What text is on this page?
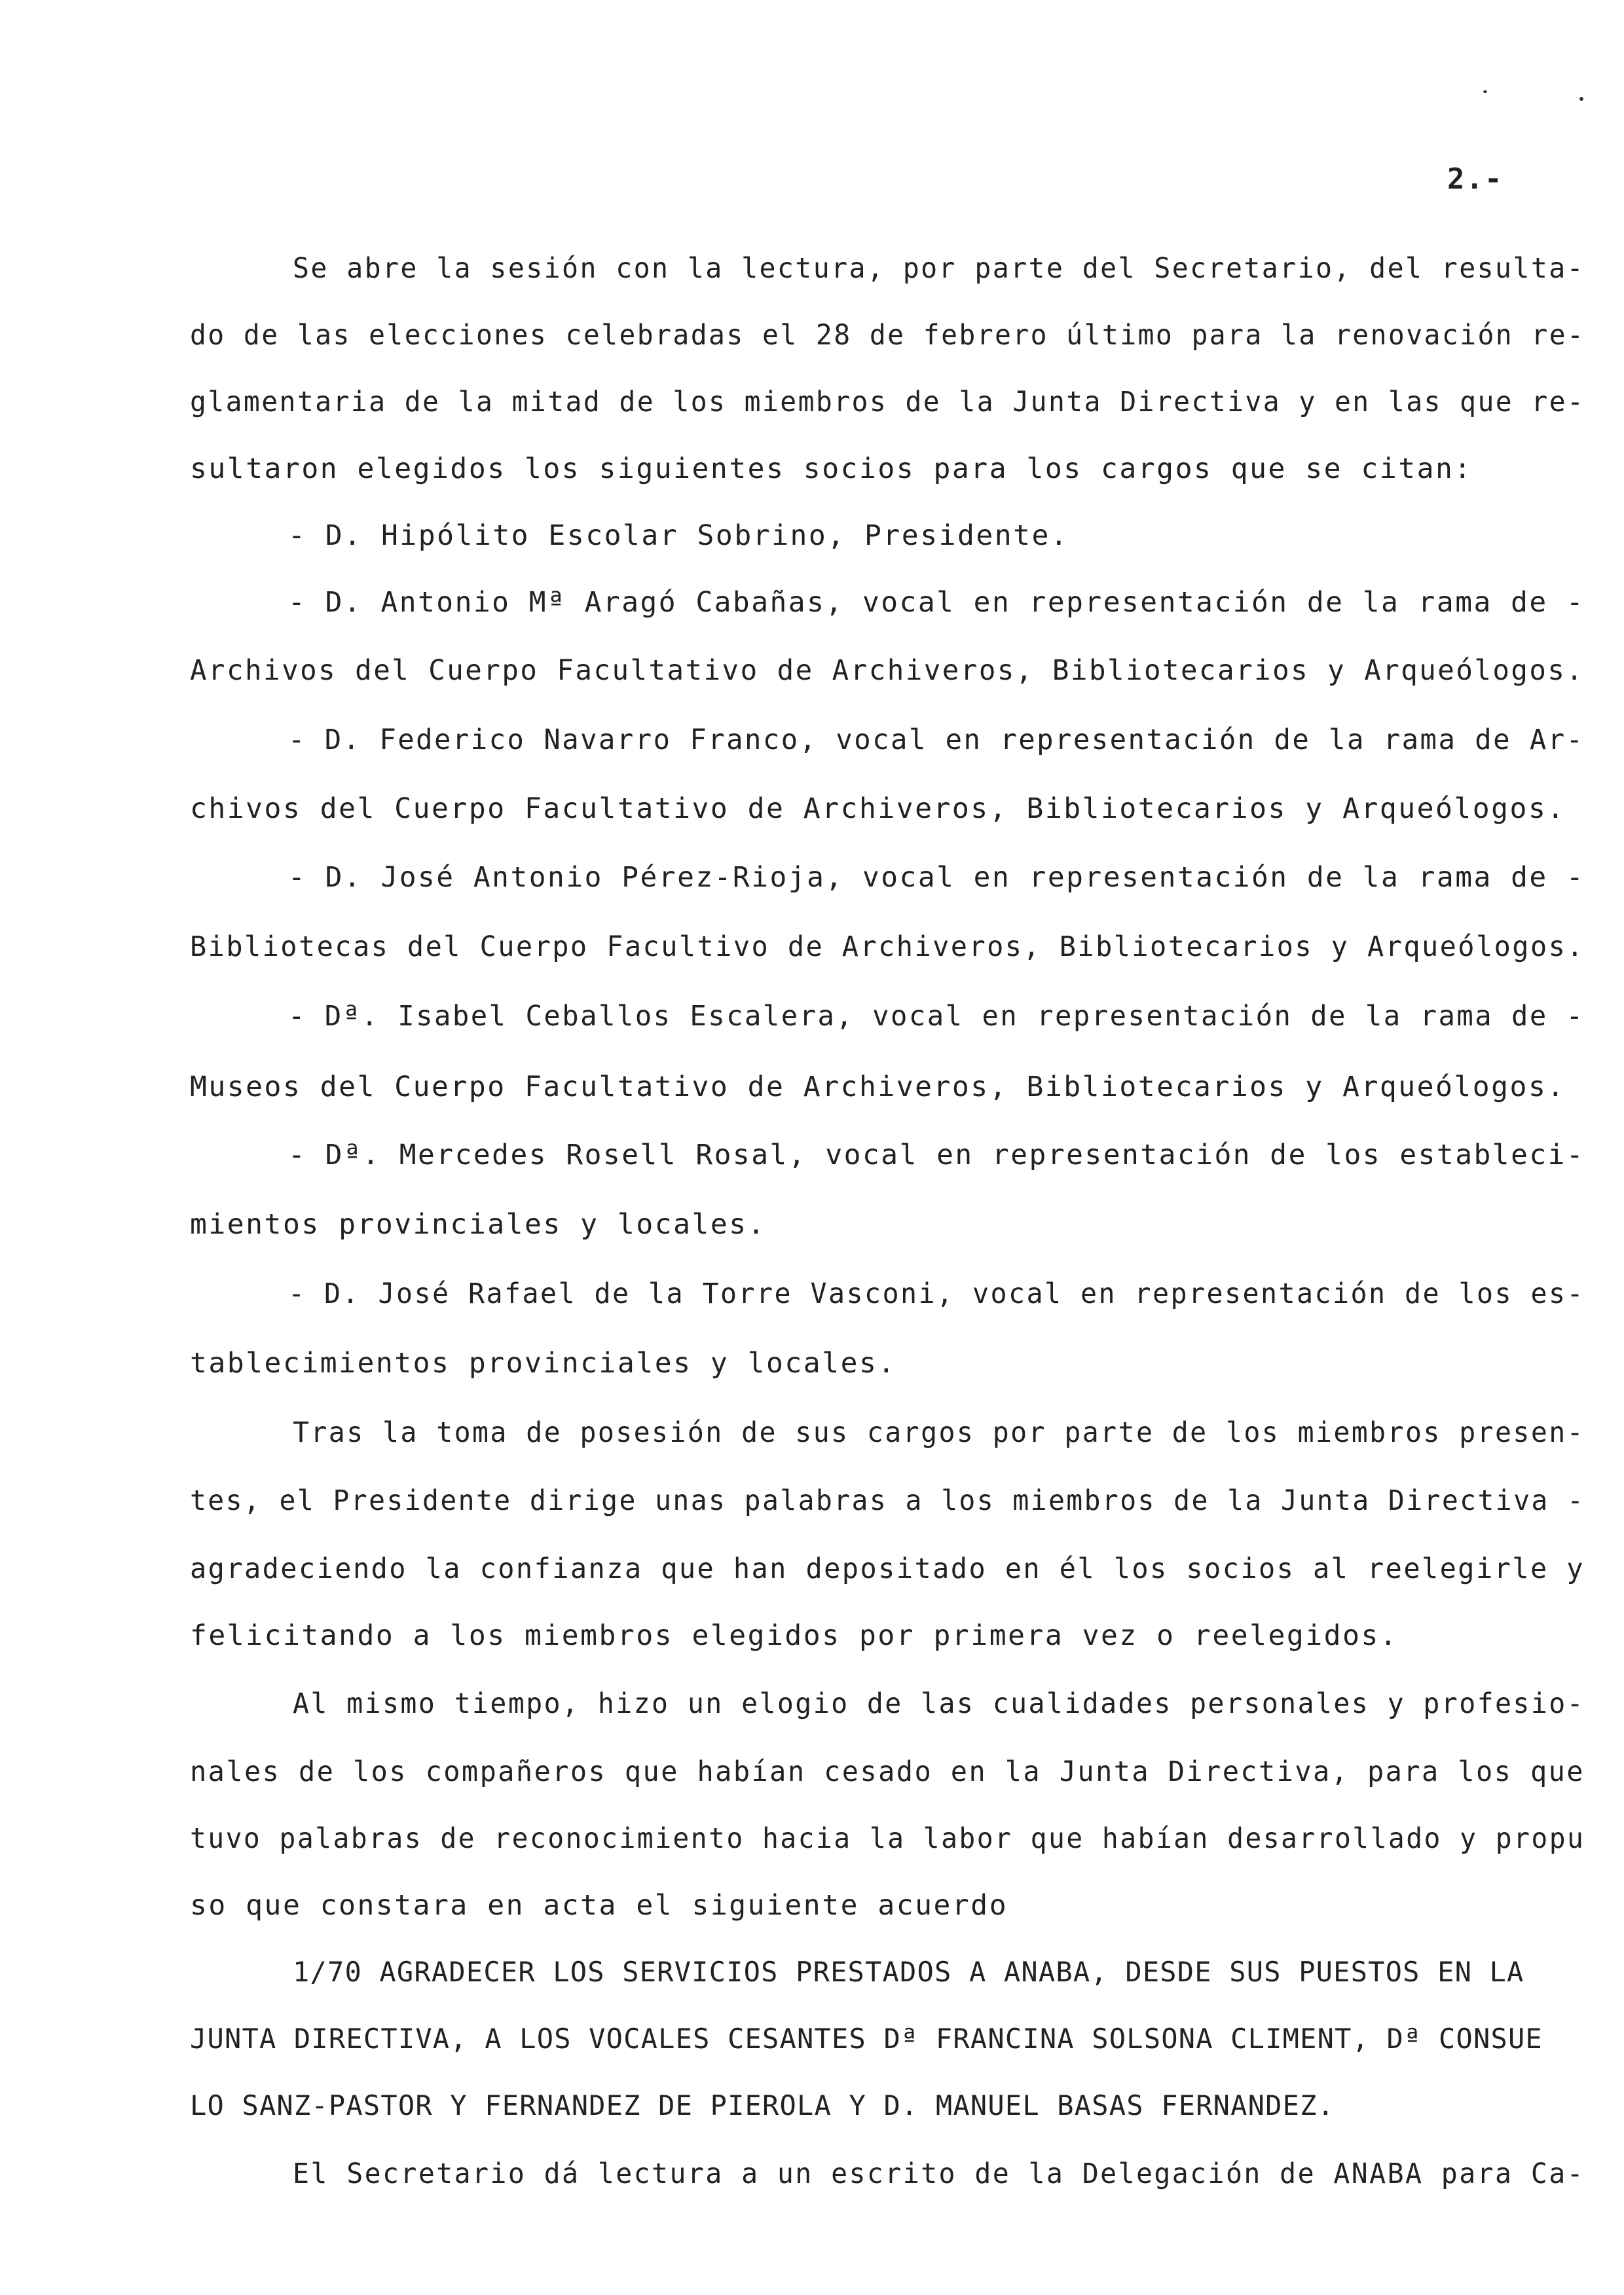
2.-
Se abre la sesión con la lectura, por parte del Secretario, del resulta-
do de las elecciones celebradas el 28 de febrero último para la renovación re-
glamentaria de la mitad de los miembros de la Junta Directiva y en las que re-
sultaron elegidos los siguientes socios para los cargos que se citan:
- D. Hipólito Escolar Sobrino, Presidente.
- D. Antonio Mª Aragó Cabañas, vocal en representación de la rama de -
Archivos del Cuerpo Facultativo de Archiveros, Bibliotecarios y Arqueólogos.
- D. Federico Navarro Franco, vocal en representación de la rama de Ar-
chivos del Cuerpo Facultativo de Archiveros, Bibliotecarios y Arqueólogos.
- D. José Antonio Pérez-Rioja, vocal en representación de la rama de -
Bibliotecas del Cuerpo Facultivo de Archiveros, Bibliotecarios y Arqueólogos.
- Dª. Isabel Ceballos Escalera, vocal en representación de la rama de -
Museos del Cuerpo Facultativo de Archiveros, Bibliotecarios y Arqueólogos.
- Dª. Mercedes Rosell Rosal, vocal en representación de los estableci-
mientos provinciales y locales.
- D. José Rafael de la Torre Vasconi, vocal en representación de los es-
tablecimientos provinciales y locales.
Tras la toma de posesión de sus cargos por parte de los miembros presen-
tes, el Presidente dirige unas palabras a los miembros de la Junta Directiva -
agradeciendo la confianza que han depositado en él los socios al reelegirle y
felicitando a los miembros elegidos por primera vez o reelegidos.
Al mismo tiempo, hizo un elogio de las cualidades personales y profesio-
nales de los compañeros que habían cesado en la Junta Directiva, para los que
tuvo palabras de reconocimiento hacia la labor que habían desarrollado y propu
so que constara en acta el siguiente acuerdo
1/70 AGRADECER LOS SERVICIOS PRESTADOS A ANABA, DESDE SUS PUESTOS EN LA
JUNTA DIRECTIVA, A LOS VOCALES CESANTES Dª FRANCINA SOLSONA CLIMENT, Dª CONSUE
LO SANZ-PASTOR Y FERNANDEZ DE PIEROLA Y D. MANUEL BASAS FERNANDEZ.
El Secretario dá lectura a un escrito de la Delegación de ANABA para Ca-
